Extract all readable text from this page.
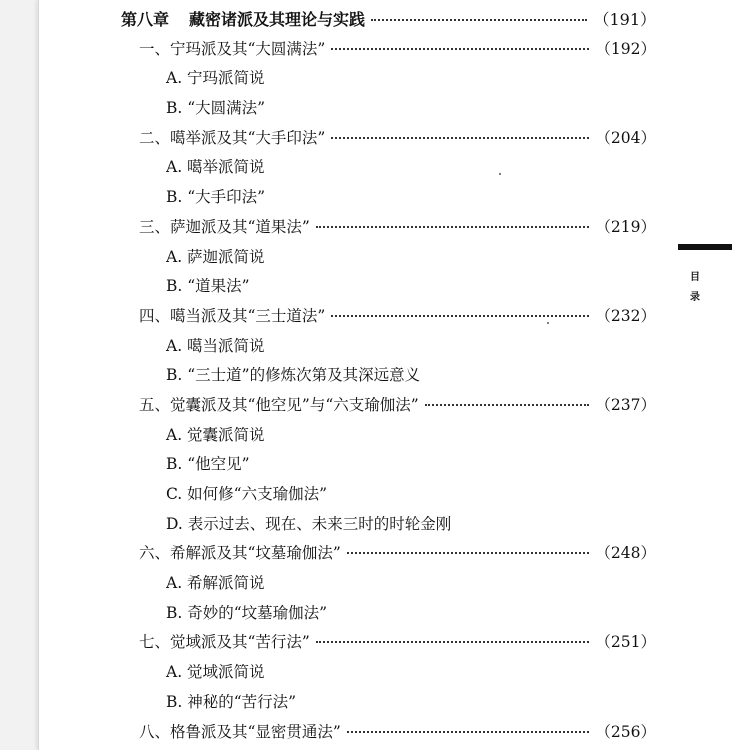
第八章 藏密诸派及其理论与实践	（191）
一、宁玛派及其“大圆满法”	（192）
A. 宁玛派简说
B. “大圆满法”
二、噶举派及其“大手印法”	（204）
A. 噶举派简说
B. “大手印法”
三、萨迦派及其“道果法”	（219）
A. 萨迦派简说
B. “道果法”
四、噶当派及其“三士道法”	（232）
A. 噶当派简说
B. “三士道”的修炼次第及其深远意义
五、觉囊派及其“他空见”与“六支瑜伽法”	（237）
A. 觉囊派简说
B. “他空见”
C. 如何修“六支瑜伽法”
D. 表示过去、现在、未来三时的时轮金刚
六、希解派及其“坟墓瑜伽法”	（248）
A. 希解派简说
B. 奇妙的“坟墓瑜伽法”
七、觉域派及其“苦行法”	（251）
A. 觉域派简说
B. 神秘的“苦行法”
八、格鲁派及其“显密贯通法”	（256）
目
录
